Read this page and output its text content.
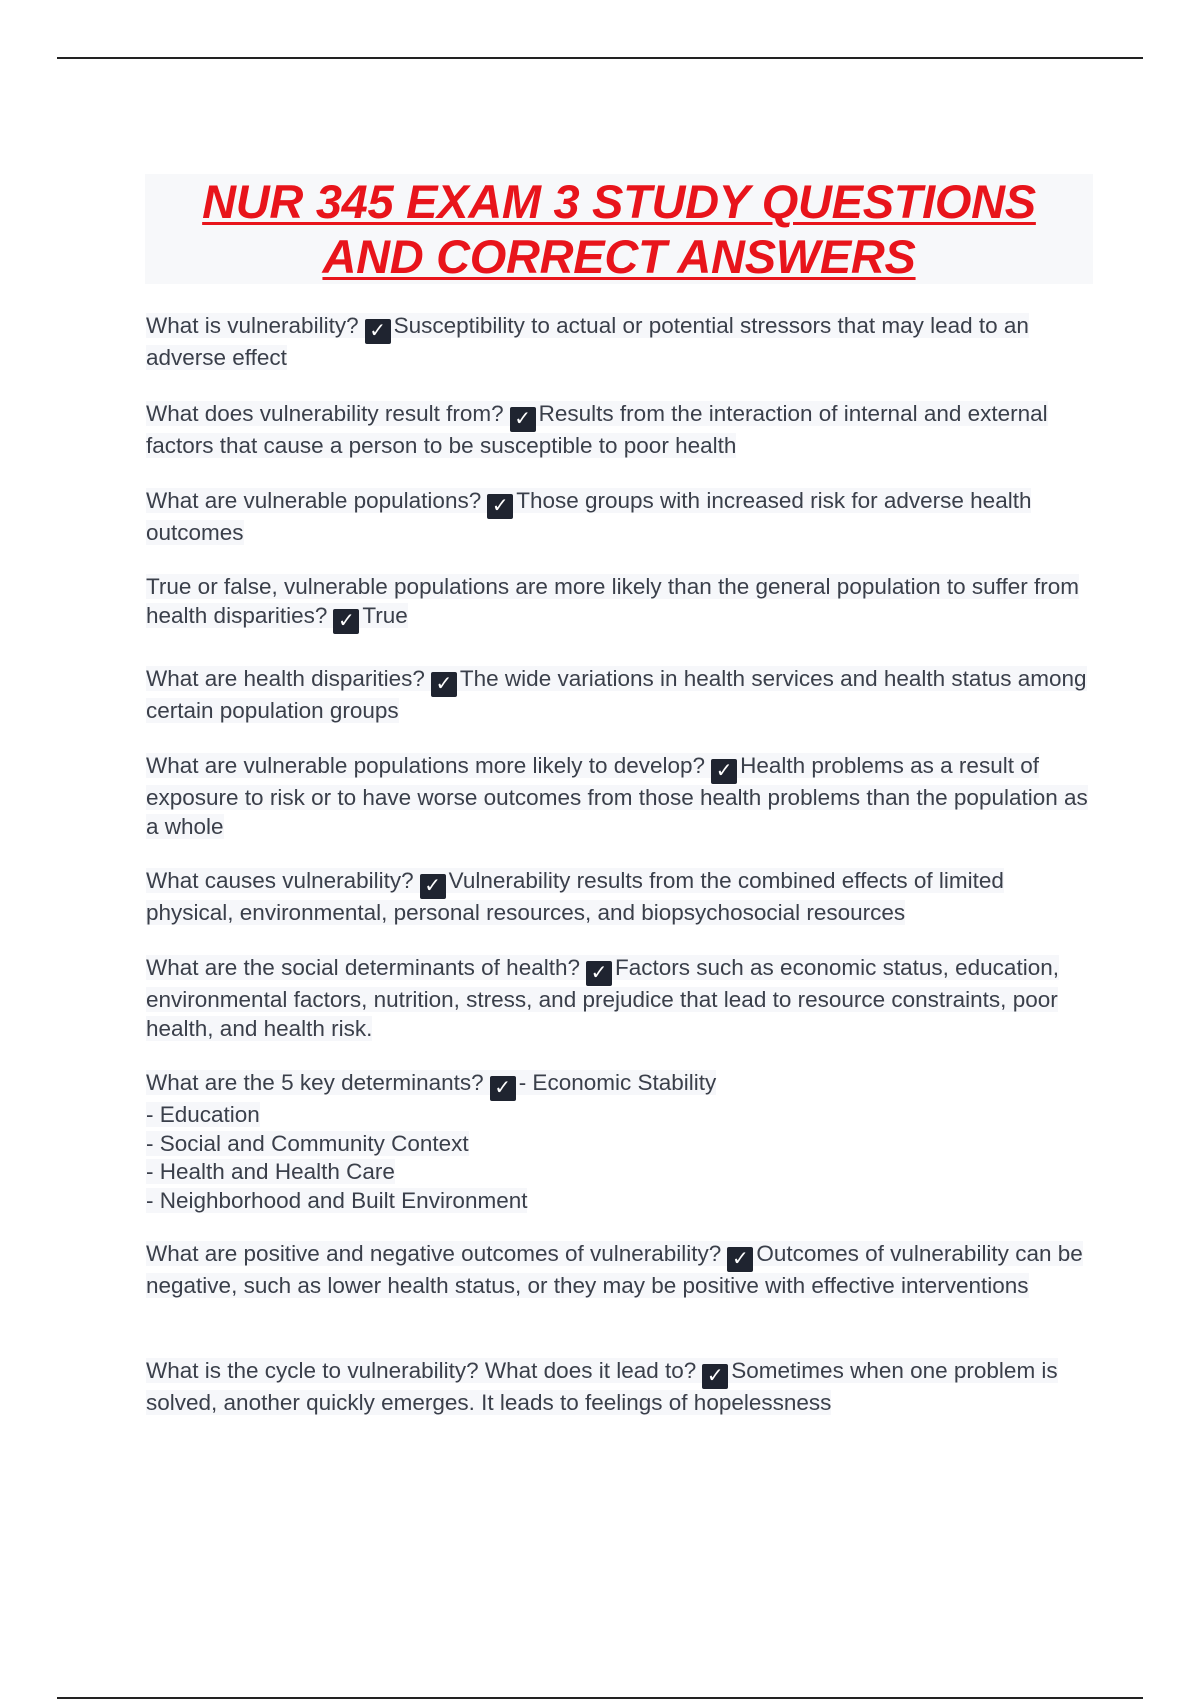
NUR 345 EXAM 3 STUDY QUESTIONS
AND CORRECT ANSWERS
What is vulnerability? ✓ Susceptibility to actual or potential stressors that may lead to an adverse effect
What does vulnerability result from? ✓ Results from the interaction of internal and external factors that cause a person to be susceptible to poor health
What are vulnerable populations? ✓ Those groups with increased risk for adverse health outcomes
True or false, vulnerable populations are more likely than the general population to suffer from health disparities? ✓ True
What are health disparities? ✓ The wide variations in health services and health status among certain population groups
What are vulnerable populations more likely to develop? ✓ Health problems as a result of exposure to risk or to have worse outcomes from those health problems than the population as a whole
What causes vulnerability? ✓ Vulnerability results from the combined effects of limited physical, environmental, personal resources, and biopsychosocial resources
What are the social determinants of health? ✓ Factors such as economic status, education, environmental factors, nutrition, stress, and prejudice that lead to resource constraints, poor health, and health risk.
What are the 5 key determinants? ✓ - Economic Stability
- Education
- Social and Community Context
- Health and Health Care
- Neighborhood and Built Environment
What are positive and negative outcomes of vulnerability? ✓ Outcomes of vulnerability can be negative, such as lower health status, or they may be positive with effective interventions
What is the cycle to vulnerability? What does it lead to? ✓ Sometimes when one problem is solved, another quickly emerges. It leads to feelings of hopelessness
